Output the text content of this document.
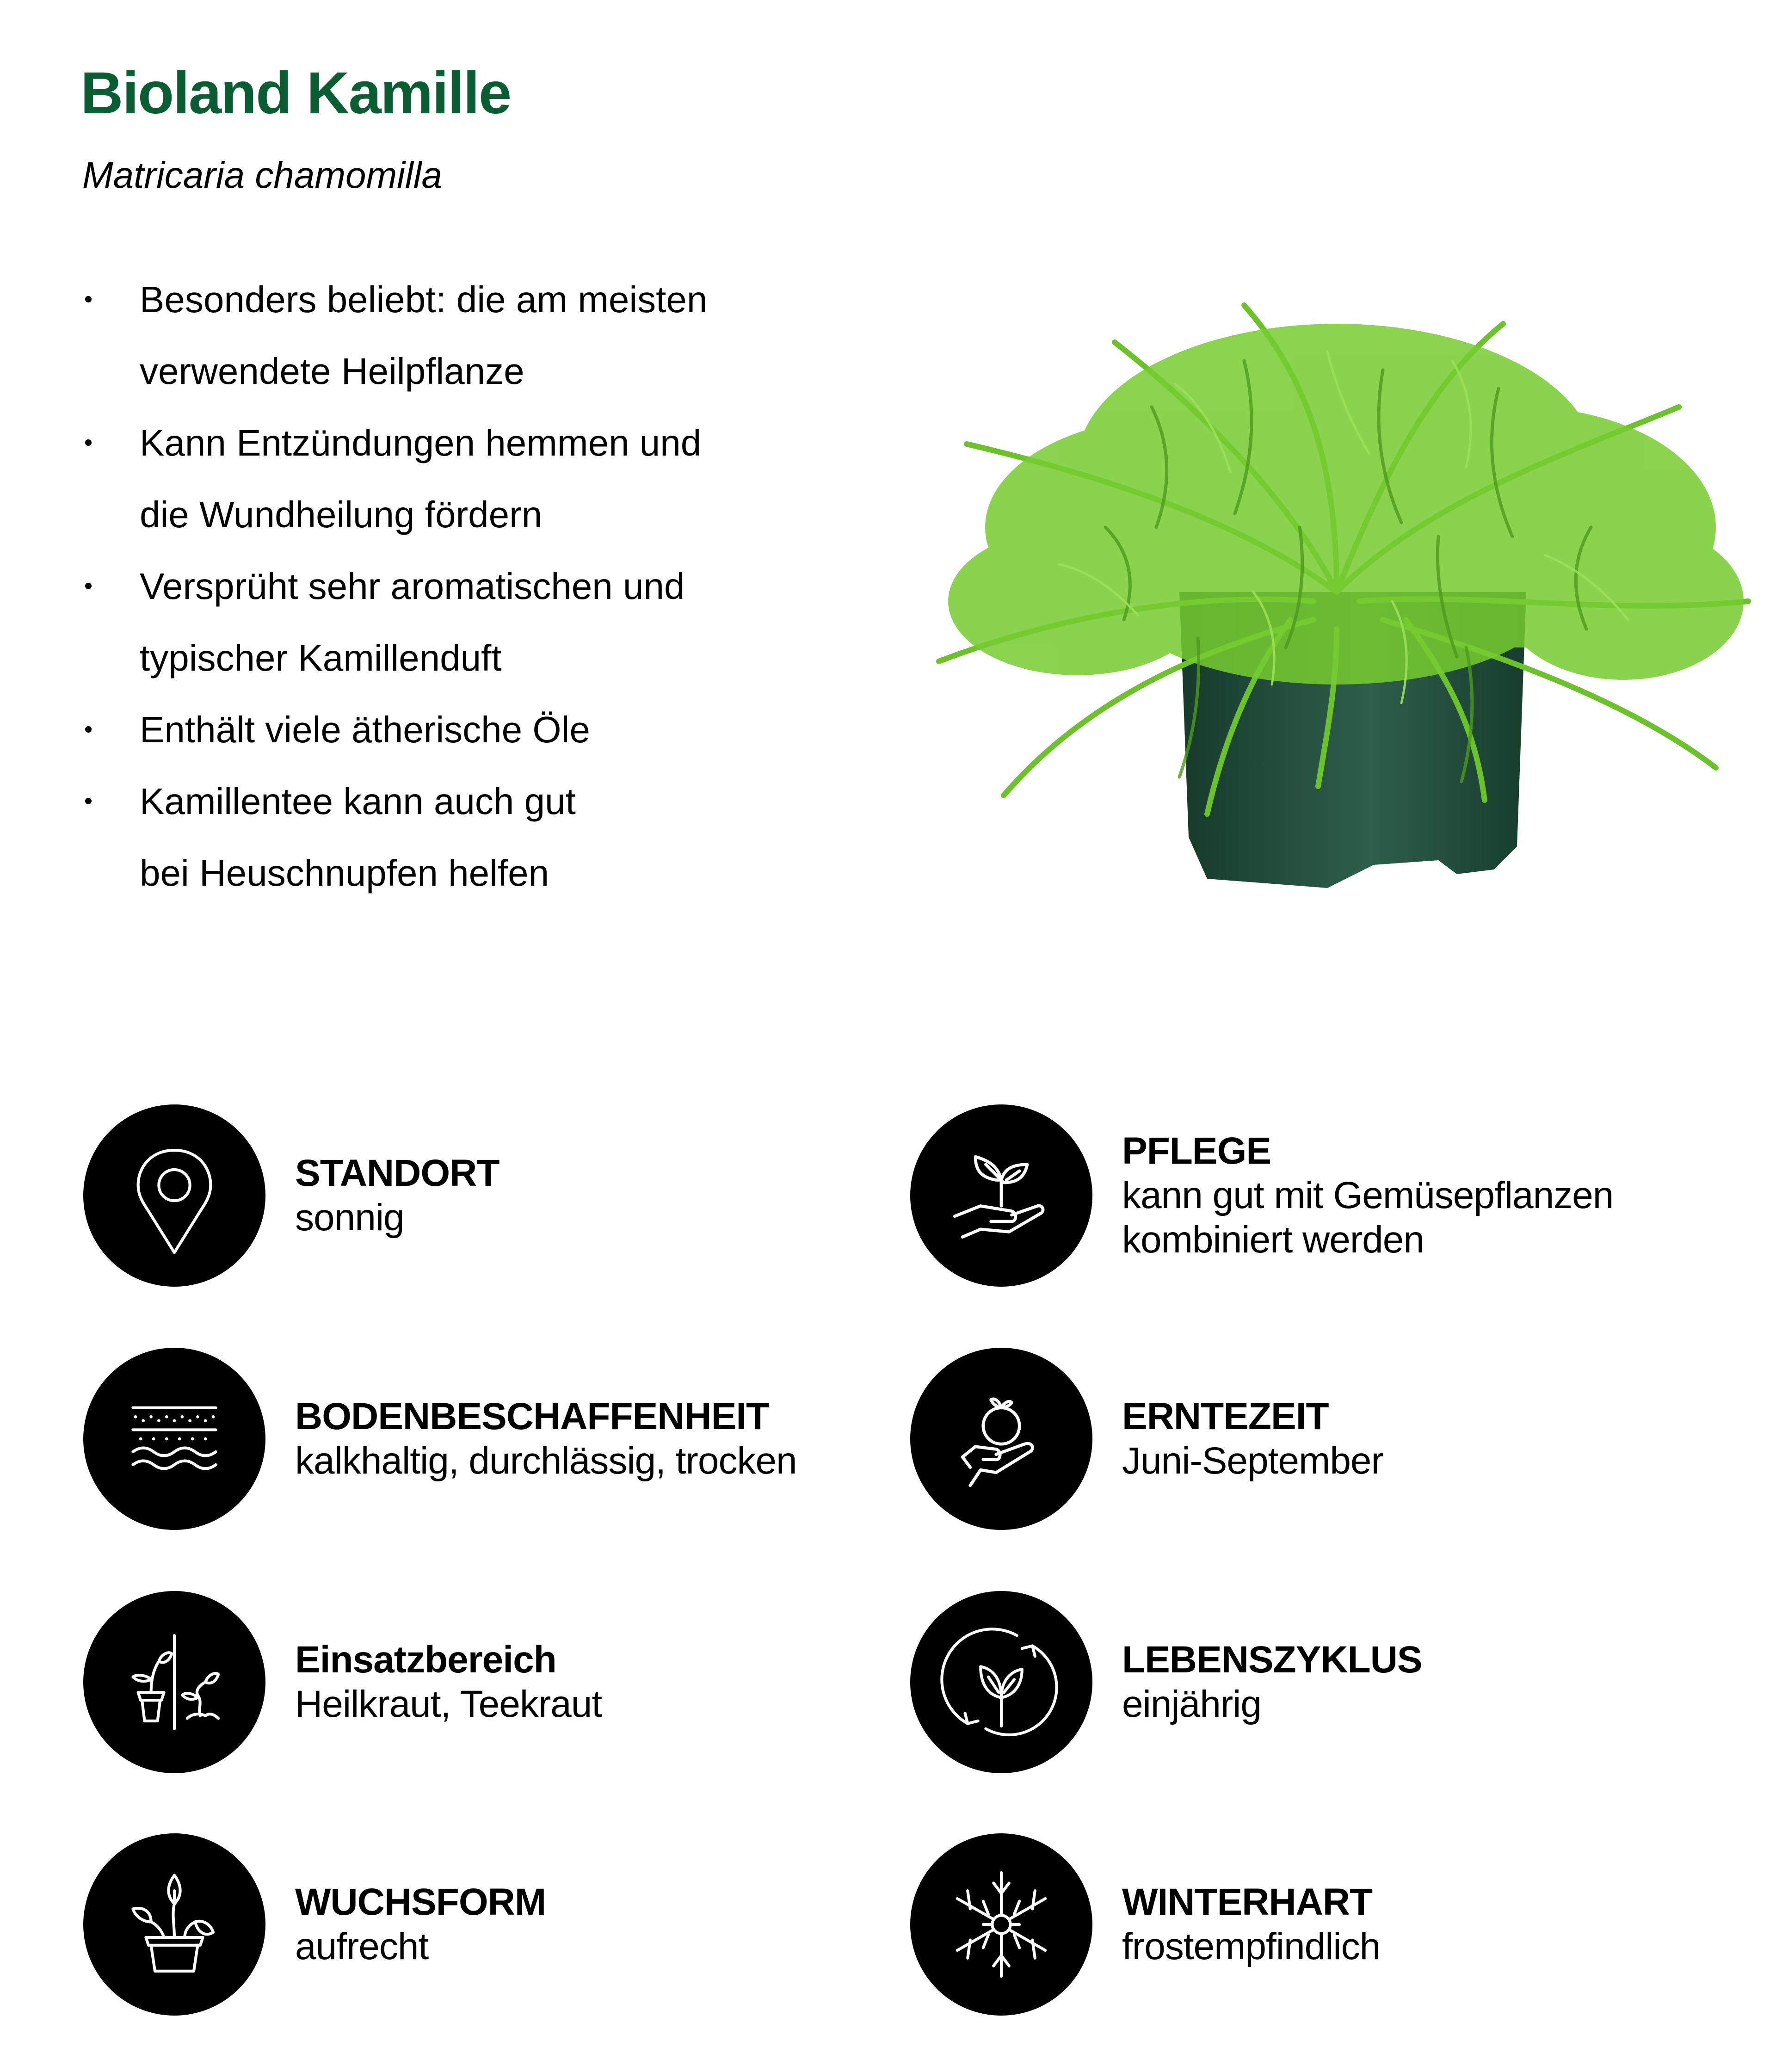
Bioland Kamille
Matricaria chamomilla
Besonders beliebt: die am meisten
verwendete Heilpflanze
Kann Entzündungen hemmen und
die Wundheilung fördern
Versprüht sehr aromatischen und
typischer Kamillenduft
Enthält viele ätherische Öle
Kamillentee kann auch gut
bei Heuschnupfen helfen
STANDORT
sonnig
PFLEGE
kann gut mit Gemüsepflanzen
kombiniert werden
BODENBESCHAFFENHEIT
kalkhaltig, durchlässig, trocken
ERNTEZEIT
Juni-September
Einsatzbereich
Heilkraut, Teekraut
LEBENSZYKLUS
einjährig
WUCHSFORM
aufrecht
WINTERHART
frostempfindlich
